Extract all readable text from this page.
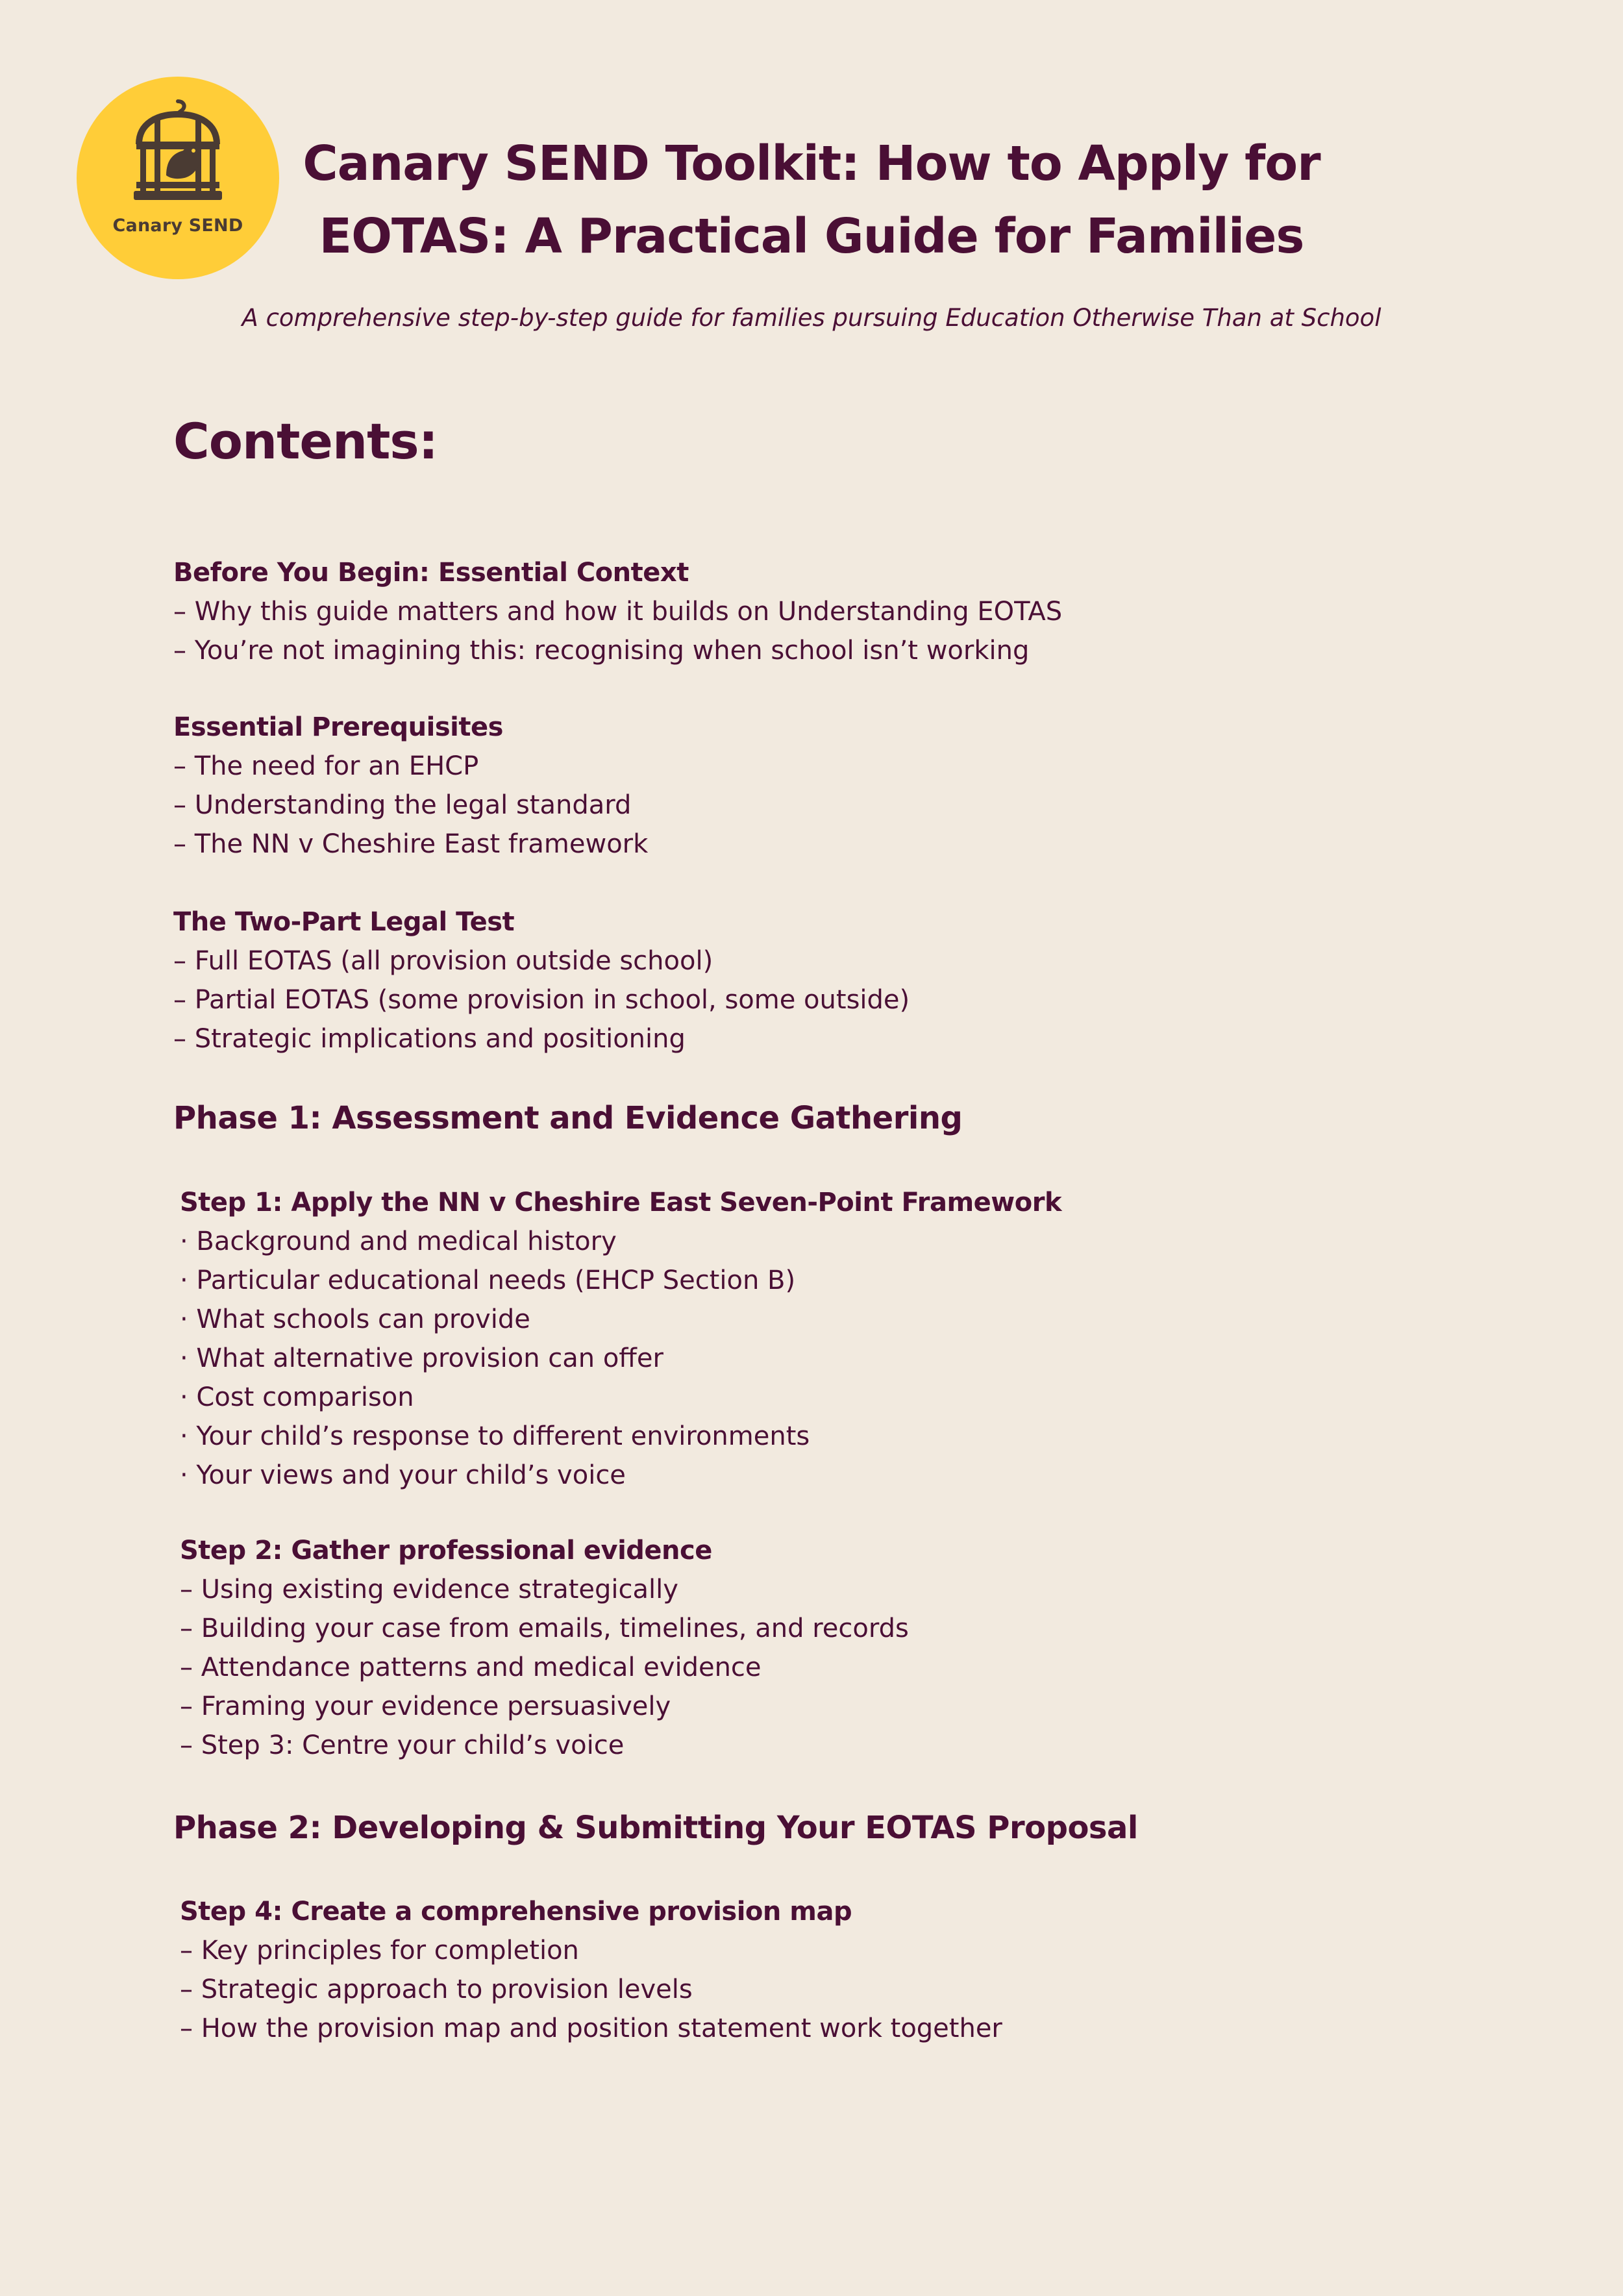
Canary SEND
Canary SEND Toolkit: How to Apply for
EOTAS: A Practical Guide for Families

A comprehensive step-by-step guide for families pursuing Education Otherwise Than at School

Contents:
Before You Begin: Essential Context
– Why this guide matters and how it builds on Understanding EOTAS
– You’re not imagining this: recognising when school isn’t working
Essential Prerequisites
– The need for an EHCP
– Understanding the legal standard
– The NN v Cheshire East framework
The Two-Part Legal Test
– Full EOTAS (all provision outside school)
– Partial EOTAS (some provision in school, some outside)
– Strategic implications and positioning
Phase 1: Assessment and Evidence Gathering
Step 1: Apply the NN v Cheshire East Seven-Point Framework
· Background and medical history
· Particular educational needs (EHCP Section B)
· What schools can provide
· What alternative provision can offer
· Cost comparison
· Your child’s response to different environments
· Your views and your child’s voice
Step 2: Gather professional evidence
– Using existing evidence strategically
– Building your case from emails, timelines, and records
– Attendance patterns and medical evidence
– Framing your evidence persuasively
– Step 3: Centre your child’s voice
Phase 2: Developing & Submitting Your EOTAS Proposal
Step 4: Create a comprehensive provision map
– Key principles for completion
– Strategic approach to provision levels
– How the provision map and position statement work together
